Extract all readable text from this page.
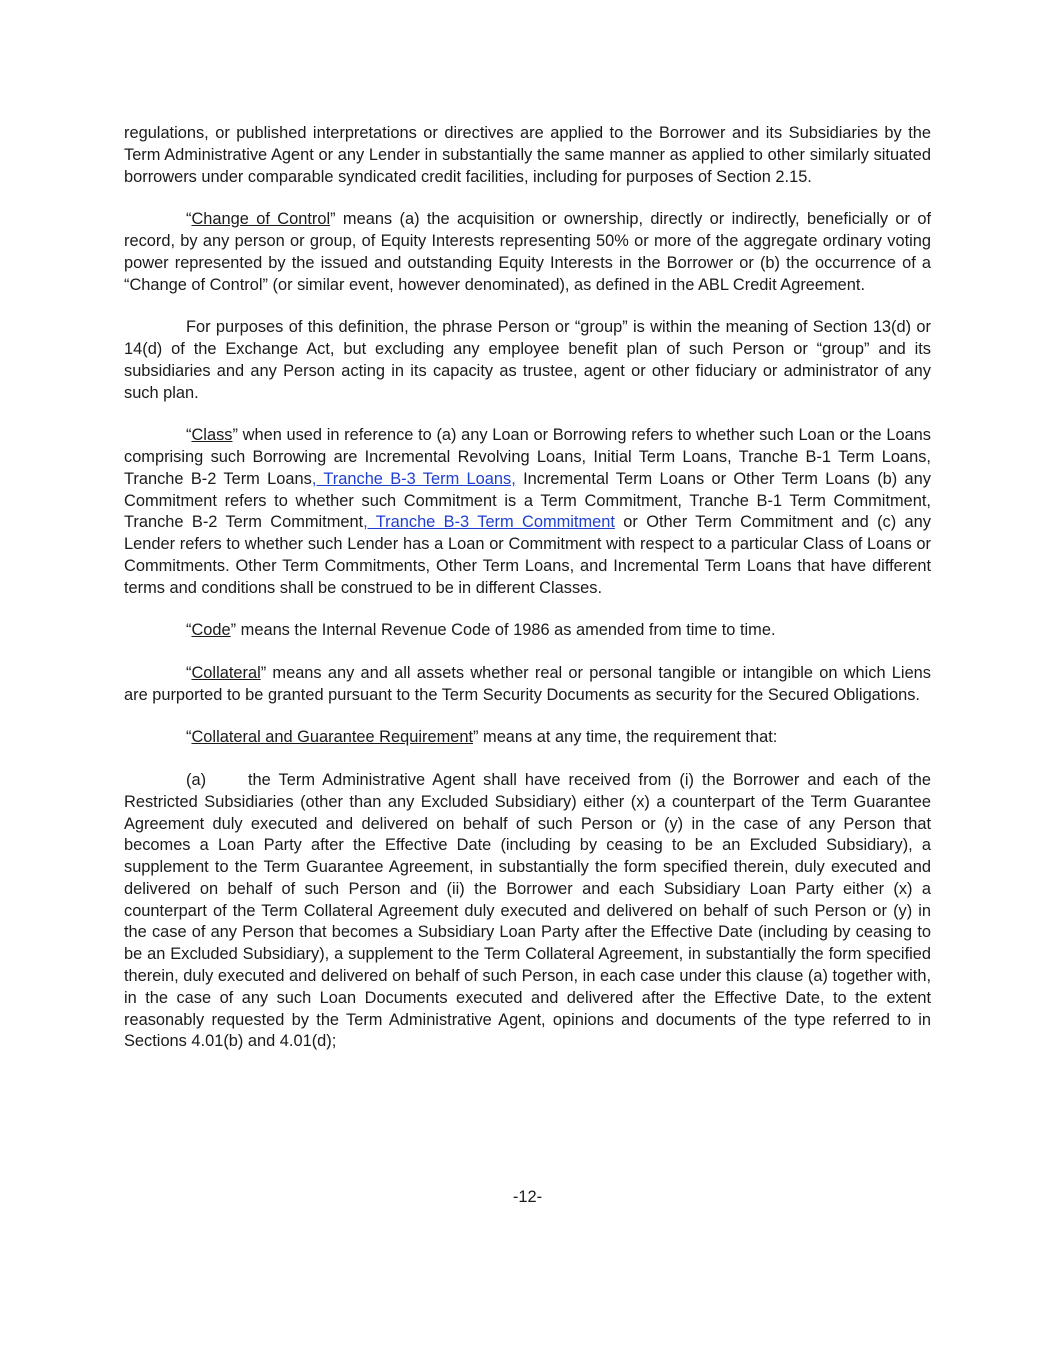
regulations, or published interpretations or directives are applied to the Borrower and its Subsidiaries by the Term Administrative Agent or any Lender in substantially the same manner as applied to other similarly situated borrowers under comparable syndicated credit facilities, including for purposes of Section 2.15.

“Change of Control” means (a) the acquisition or ownership, directly or indirectly, beneficially or of record, by any person or group, of Equity Interests representing 50% or more of the aggregate ordinary voting power represented by the issued and outstanding Equity Interests in the Borrower or (b) the occurrence of a “Change of Control” (or similar event, however denominated), as defined in the ABL Credit Agreement.

For purposes of this definition, the phrase Person or “group” is within the meaning of Section 13(d) or 14(d) of the Exchange Act, but excluding any employee benefit plan of such Person or “group” and its subsidiaries and any Person acting in its capacity as trustee, agent or other fiduciary or administrator of any such plan.

“Class” when used in reference to (a) any Loan or Borrowing refers to whether such Loan or the Loans comprising such Borrowing are Incremental Revolving Loans, Initial Term Loans, Tranche B-1 Term Loans, Tranche B-2 Term Loans, Tranche B-3 Term Loans, Incremental Term Loans or Other Term Loans (b) any Commitment refers to whether such Commitment is a Term Commitment, Tranche B-1 Term Commitment, Tranche B-2 Term Commitment, Tranche B-3 Term Commitment or Other Term Commitment and (c) any Lender refers to whether such Lender has a Loan or Commitment with respect to a particular Class of Loans or Commitments. Other Term Commitments, Other Term Loans, and Incremental Term Loans that have different terms and conditions shall be construed to be in different Classes.

“Code” means the Internal Revenue Code of 1986 as amended from time to time.

“Collateral” means any and all assets whether real or personal tangible or intangible on which Liens are purported to be granted pursuant to the Term Security Documents as security for the Secured Obligations.

“Collateral and Guarantee Requirement” means at any time, the requirement that:

(a)	the Term Administrative Agent shall have received from (i) the Borrower and each of the Restricted Subsidiaries (other than any Excluded Subsidiary) either (x) a counterpart of the Term Guarantee Agreement duly executed and delivered on behalf of such Person or (y) in the case of any Person that becomes a Loan Party after the Effective Date (including by ceasing to be an Excluded Subsidiary), a supplement to the Term Guarantee Agreement, in substantially the form specified therein, duly executed and delivered on behalf of such Person and (ii) the Borrower and each Subsidiary Loan Party either (x) a counterpart of the Term Collateral Agreement duly executed and delivered on behalf of such Person or (y) in the case of any Person that becomes a Subsidiary Loan Party after the Effective Date (including by ceasing to be an Excluded Subsidiary), a supplement to the Term Collateral Agreement, in substantially the form specified therein, duly executed and delivered on behalf of such Person, in each case under this clause (a) together with, in the case of any such Loan Documents executed and delivered after the Effective Date, to the extent reasonably requested by the Term Administrative Agent, opinions and documents of the type referred to in Sections 4.01(b) and 4.01(d);

-12-
